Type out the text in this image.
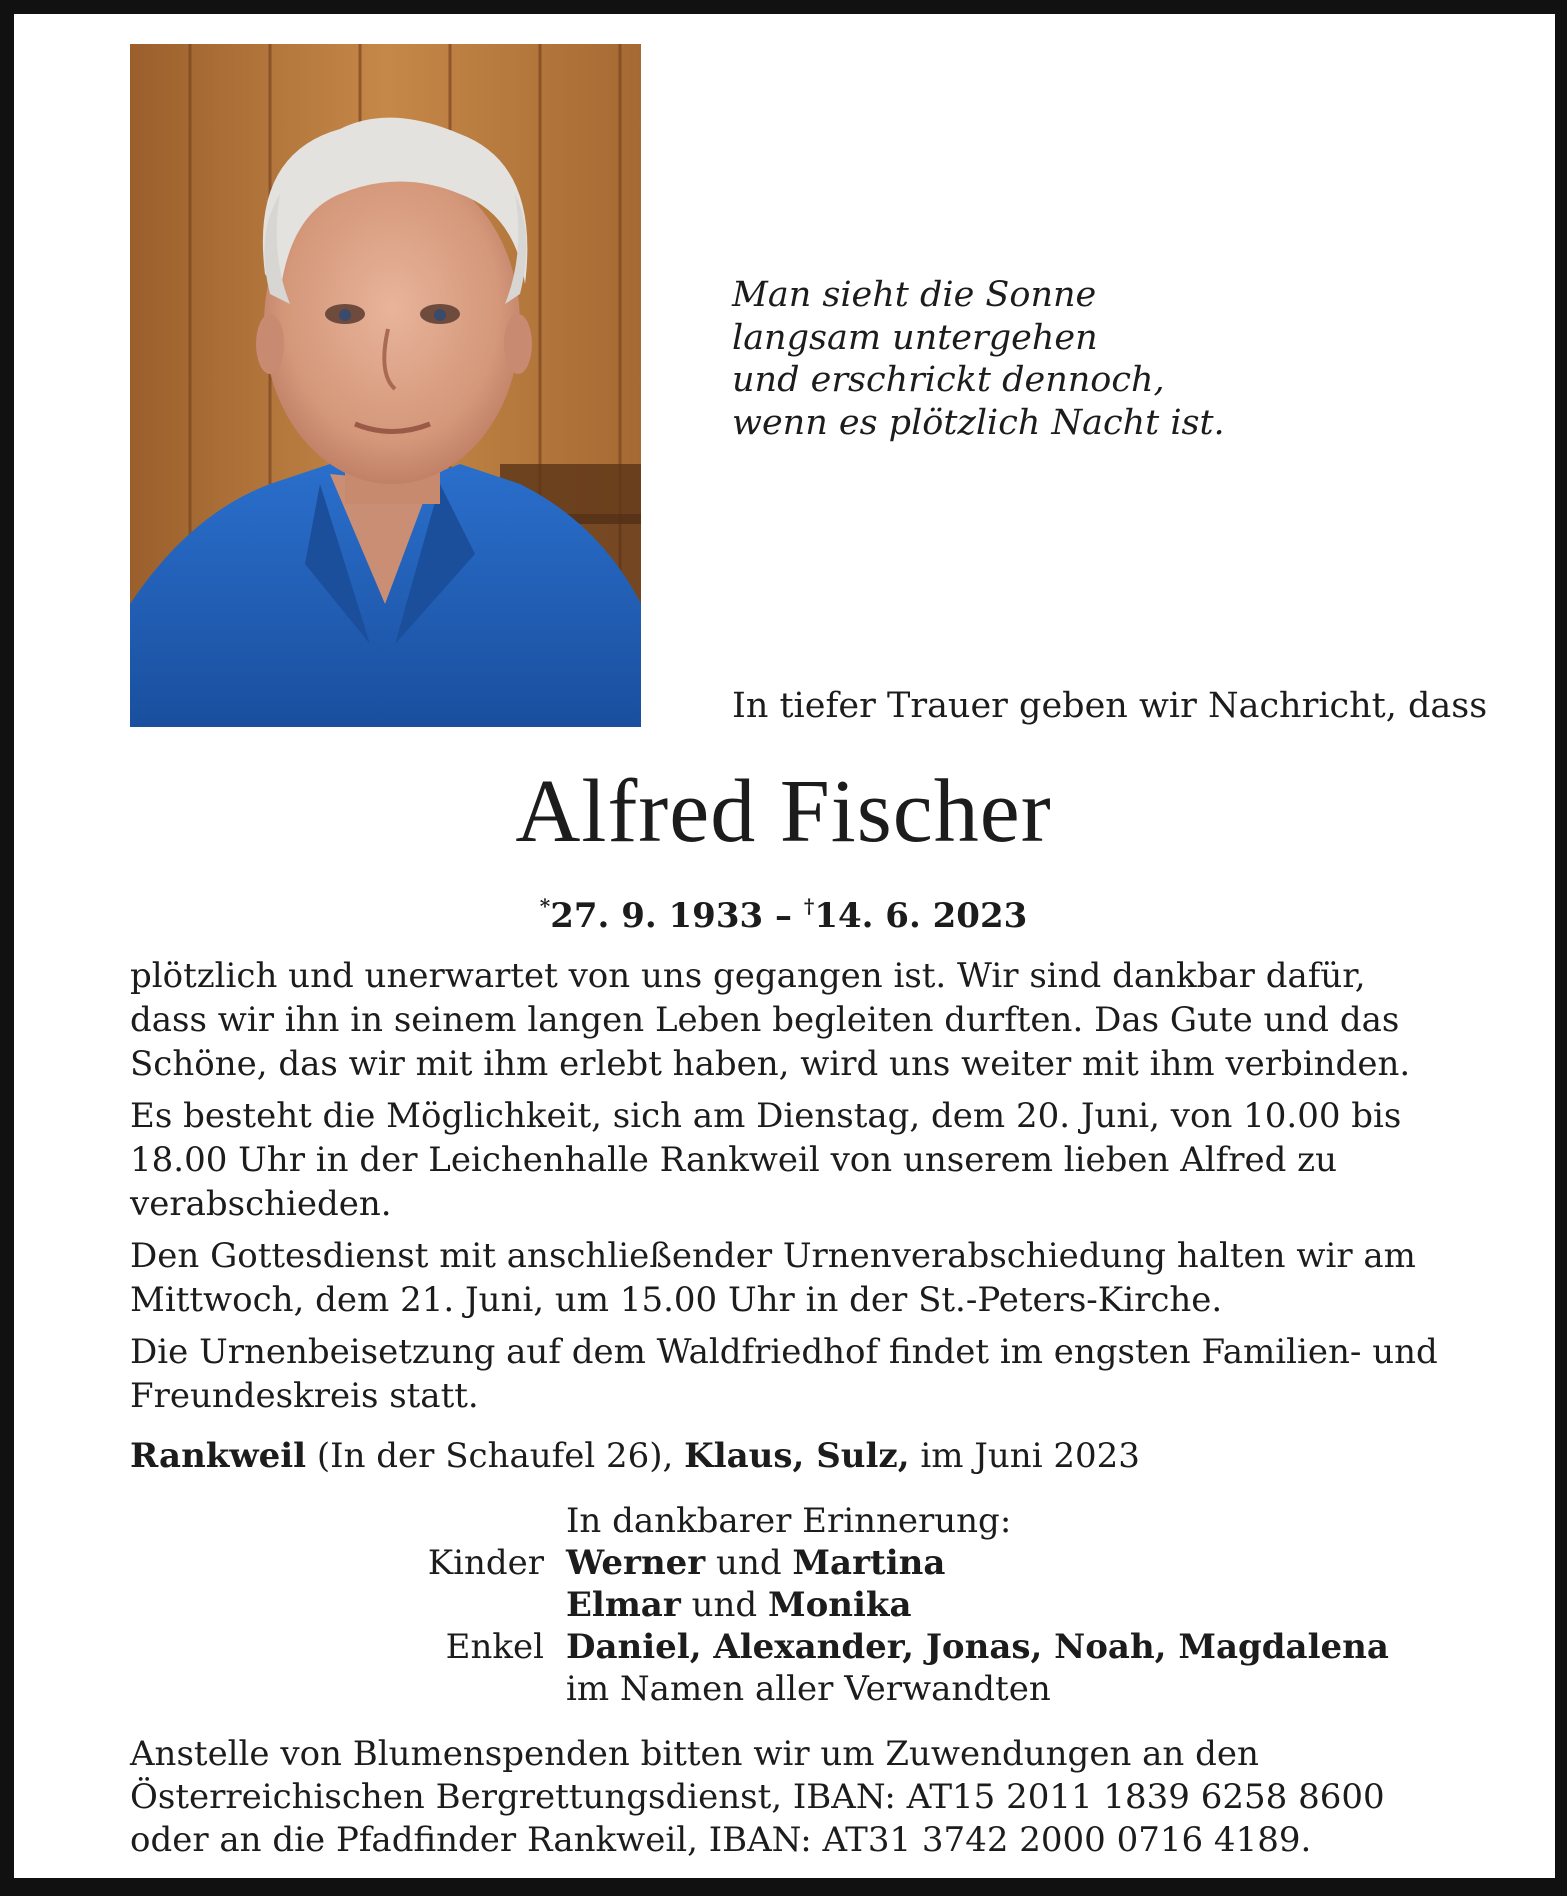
Man sieht die Sonne
langsam untergehen
und erschrickt dennoch,
wenn es plötzlich Nacht ist.
In tiefer Trauer geben wir Nachricht, dass
Alfred Fischer
*27. 9. 1933 – †14. 6. 2023

plötzlich und unerwartet von uns gegangen ist. Wir sind dankbar dafür, dass wir ihn in seinem langen Leben begleiten durften. Das Gute und das Schöne, das wir mit ihm erlebt haben, wird uns weiter mit ihm verbinden.

Es besteht die Möglichkeit, sich am Dienstag, dem 20. Juni, von 10.00 bis 18.00 Uhr in der Leichenhalle Rankweil von unserem lieben Alfred zu verabschieden.

Den Gottesdienst mit anschließender Urnenverabschiedung halten wir am Mittwoch, dem 21. Juni, um 15.00 Uhr in der St.-Peters-Kirche.

Die Urnenbeisetzung auf dem Waldfriedhof findet im engsten Familien- und Freundeskreis statt.

Rankweil (In der Schaufel 26), Klaus, Sulz, im Juni 2023
In dankbarer Erinnerung:
Kinder Werner und Martina
Elmar und Monika
Enkel Daniel, Alexander, Jonas, Noah, Magdalena
im Namen aller Verwandten
Anstelle von Blumenspenden bitten wir um Zuwendungen an den
Österreichischen Bergrettungsdienst, IBAN: AT15 2011 1839 6258 8600
oder an die Pfadfinder Rankweil, IBAN: AT31 3742 2000 0716 4189.
